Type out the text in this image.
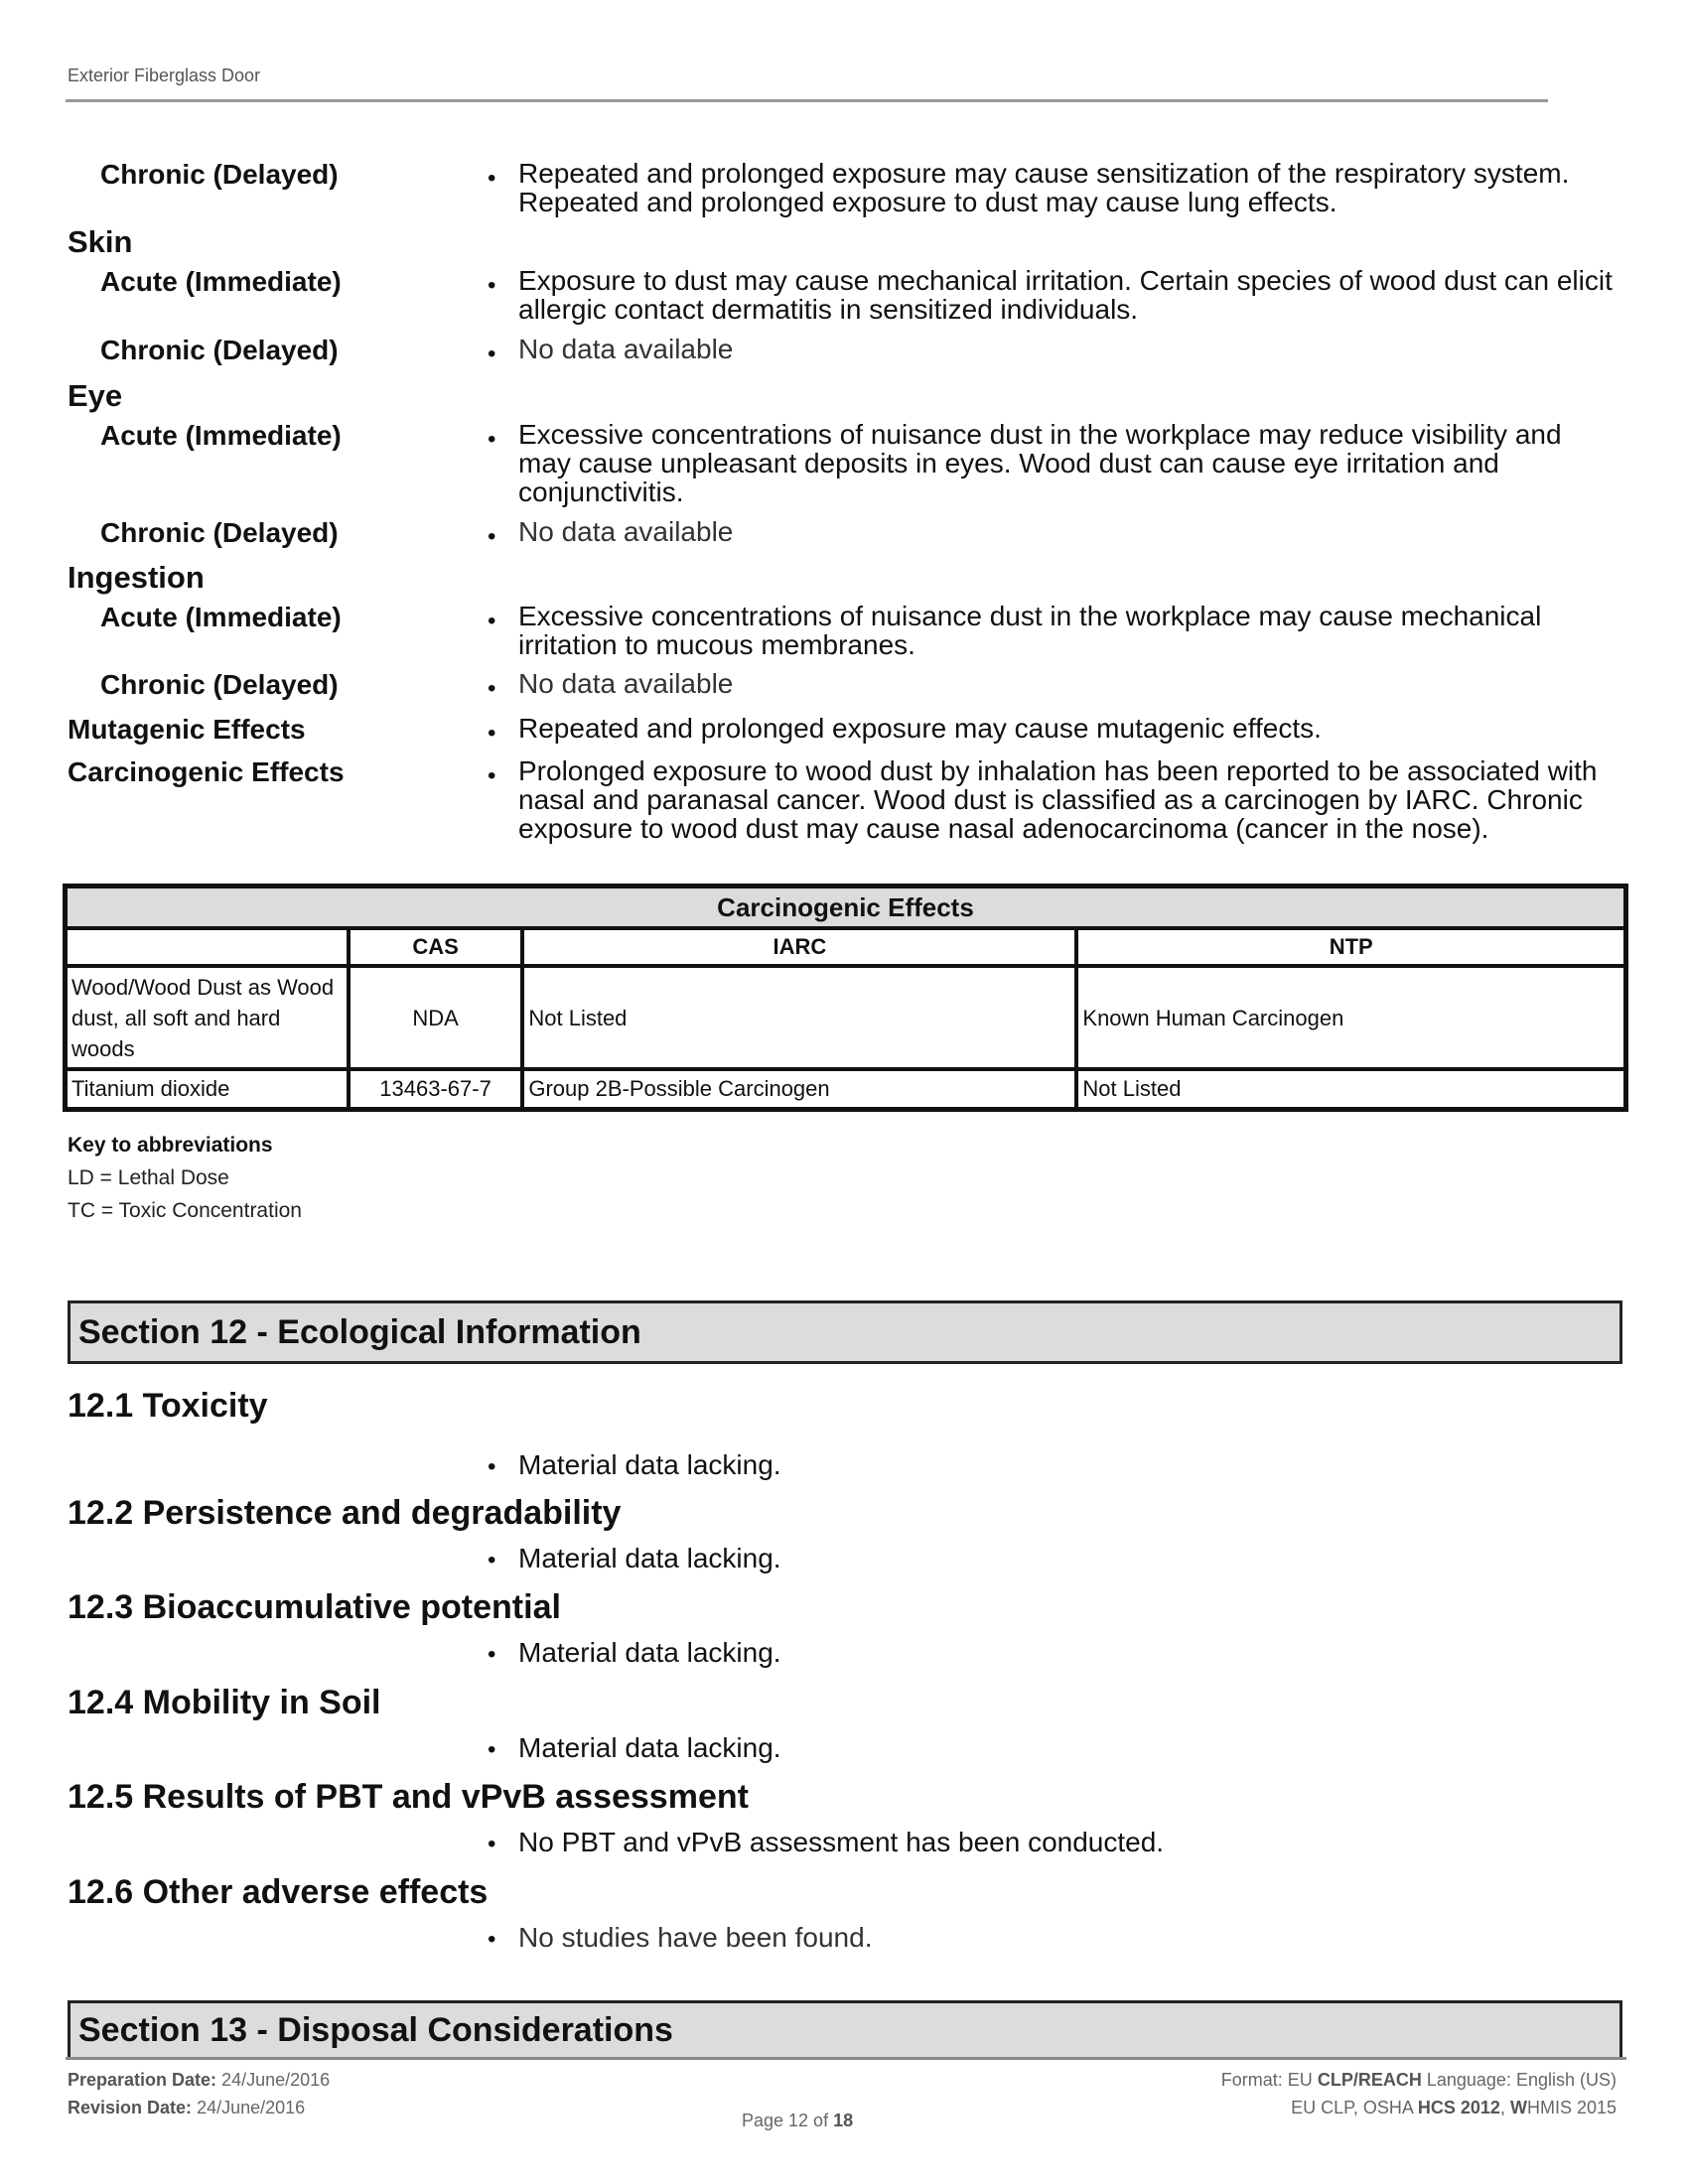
Exterior Fiberglass Door
Chronic (Delayed)	• Repeated and prolonged exposure may cause sensitization of the respiratory system. Repeated and prolonged exposure to dust may cause lung effects.
Skin
Acute (Immediate)	• Exposure to dust may cause mechanical irritation. Certain species of wood dust can elicit allergic contact dermatitis in sensitized individuals.
Chronic (Delayed)	• No data available
Eye
Acute (Immediate)	• Excessive concentrations of nuisance dust in the workplace may reduce visibility and may cause unpleasant deposits in eyes. Wood dust can cause eye irritation and conjunctivitis.
Chronic (Delayed)	• No data available
Ingestion
Acute (Immediate)	• Excessive concentrations of nuisance dust in the workplace may cause mechanical irritation to mucous membranes.
Chronic (Delayed)	• No data available
Mutagenic Effects	• Repeated and prolonged exposure may cause mutagenic effects.
Carcinogenic Effects	• Prolonged exposure to wood dust by inhalation has been reported to be associated with nasal and paranasal cancer. Wood dust is classified as a carcinogen by IARC. Chronic exposure to wood dust may cause nasal adenocarcinoma (cancer in the nose).
Carcinogenic Effects			
	CAS	IARC	NTP
Wood/Wood Dust as Wood dust, all soft and hard woods	NDA	Not Listed	Known Human Carcinogen
Titanium dioxide	13463-67-7	Group 2B-Possible Carcinogen	Not Listed
Key to abbreviations
LD = Lethal Dose
TC = Toxic Concentration
Section 12 - Ecological Information
12.1 Toxicity
• Material data lacking.
12.2 Persistence and degradability
• Material data lacking.
12.3 Bioaccumulative potential
• Material data lacking.
12.4 Mobility in Soil
• Material data lacking.
12.5 Results of PBT and vPvB assessment
• No PBT and vPvB assessment has been conducted.
12.6 Other adverse effects
• No studies have been found.
Section 13 - Disposal Considerations
Preparation Date: 24/June/2016
Revision Date: 24/June/2016
Page 12 of 18
Format: EU CLP/REACH Language: English (US)
EU CLP, OSHA HCS 2012, WHMIS 2015
